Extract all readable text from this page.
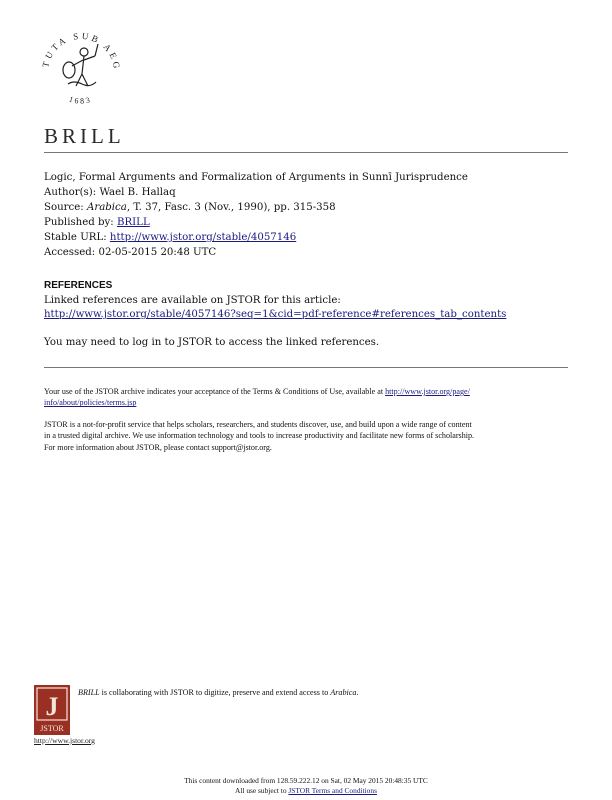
TUTA SUB AEG
1683
BRILL
Logic, Formal Arguments and Formalization of Arguments in Sunnī Jurisprudence
Author(s): Wael B. Hallaq
Source: Arabica, T. 37, Fasc. 3 (Nov., 1990), pp. 315-358
Published by: BRILL
Stable URL: http://www.jstor.org/stable/4057146
Accessed: 02-05-2015 20:48 UTC
REFERENCES
Linked references are available on JSTOR for this article:
http://www.jstor.org/stable/4057146?seq=1&cid=pdf-reference#references_tab_contents
You may need to log in to JSTOR to access the linked references.
Your use of the JSTOR archive indicates your acceptance of the Terms & Conditions of Use, available at http://www.jstor.org/page/
info/about/policies/terms.jsp
JSTOR is a not-for-profit service that helps scholars, researchers, and students discover, use, and build upon a wide range of content
in a trusted digital archive. We use information technology and tools to increase productivity and facilitate new forms of scholarship.
For more information about JSTOR, please contact support@jstor.org.
J
JSTOR
BRILL is collaborating with JSTOR to digitize, preserve and extend access to Arabica.
http://www.jstor.org
This content downloaded from 128.59.222.12 on Sat, 02 May 2015 20:48:35 UTC
All use subject to JSTOR Terms and Conditions
